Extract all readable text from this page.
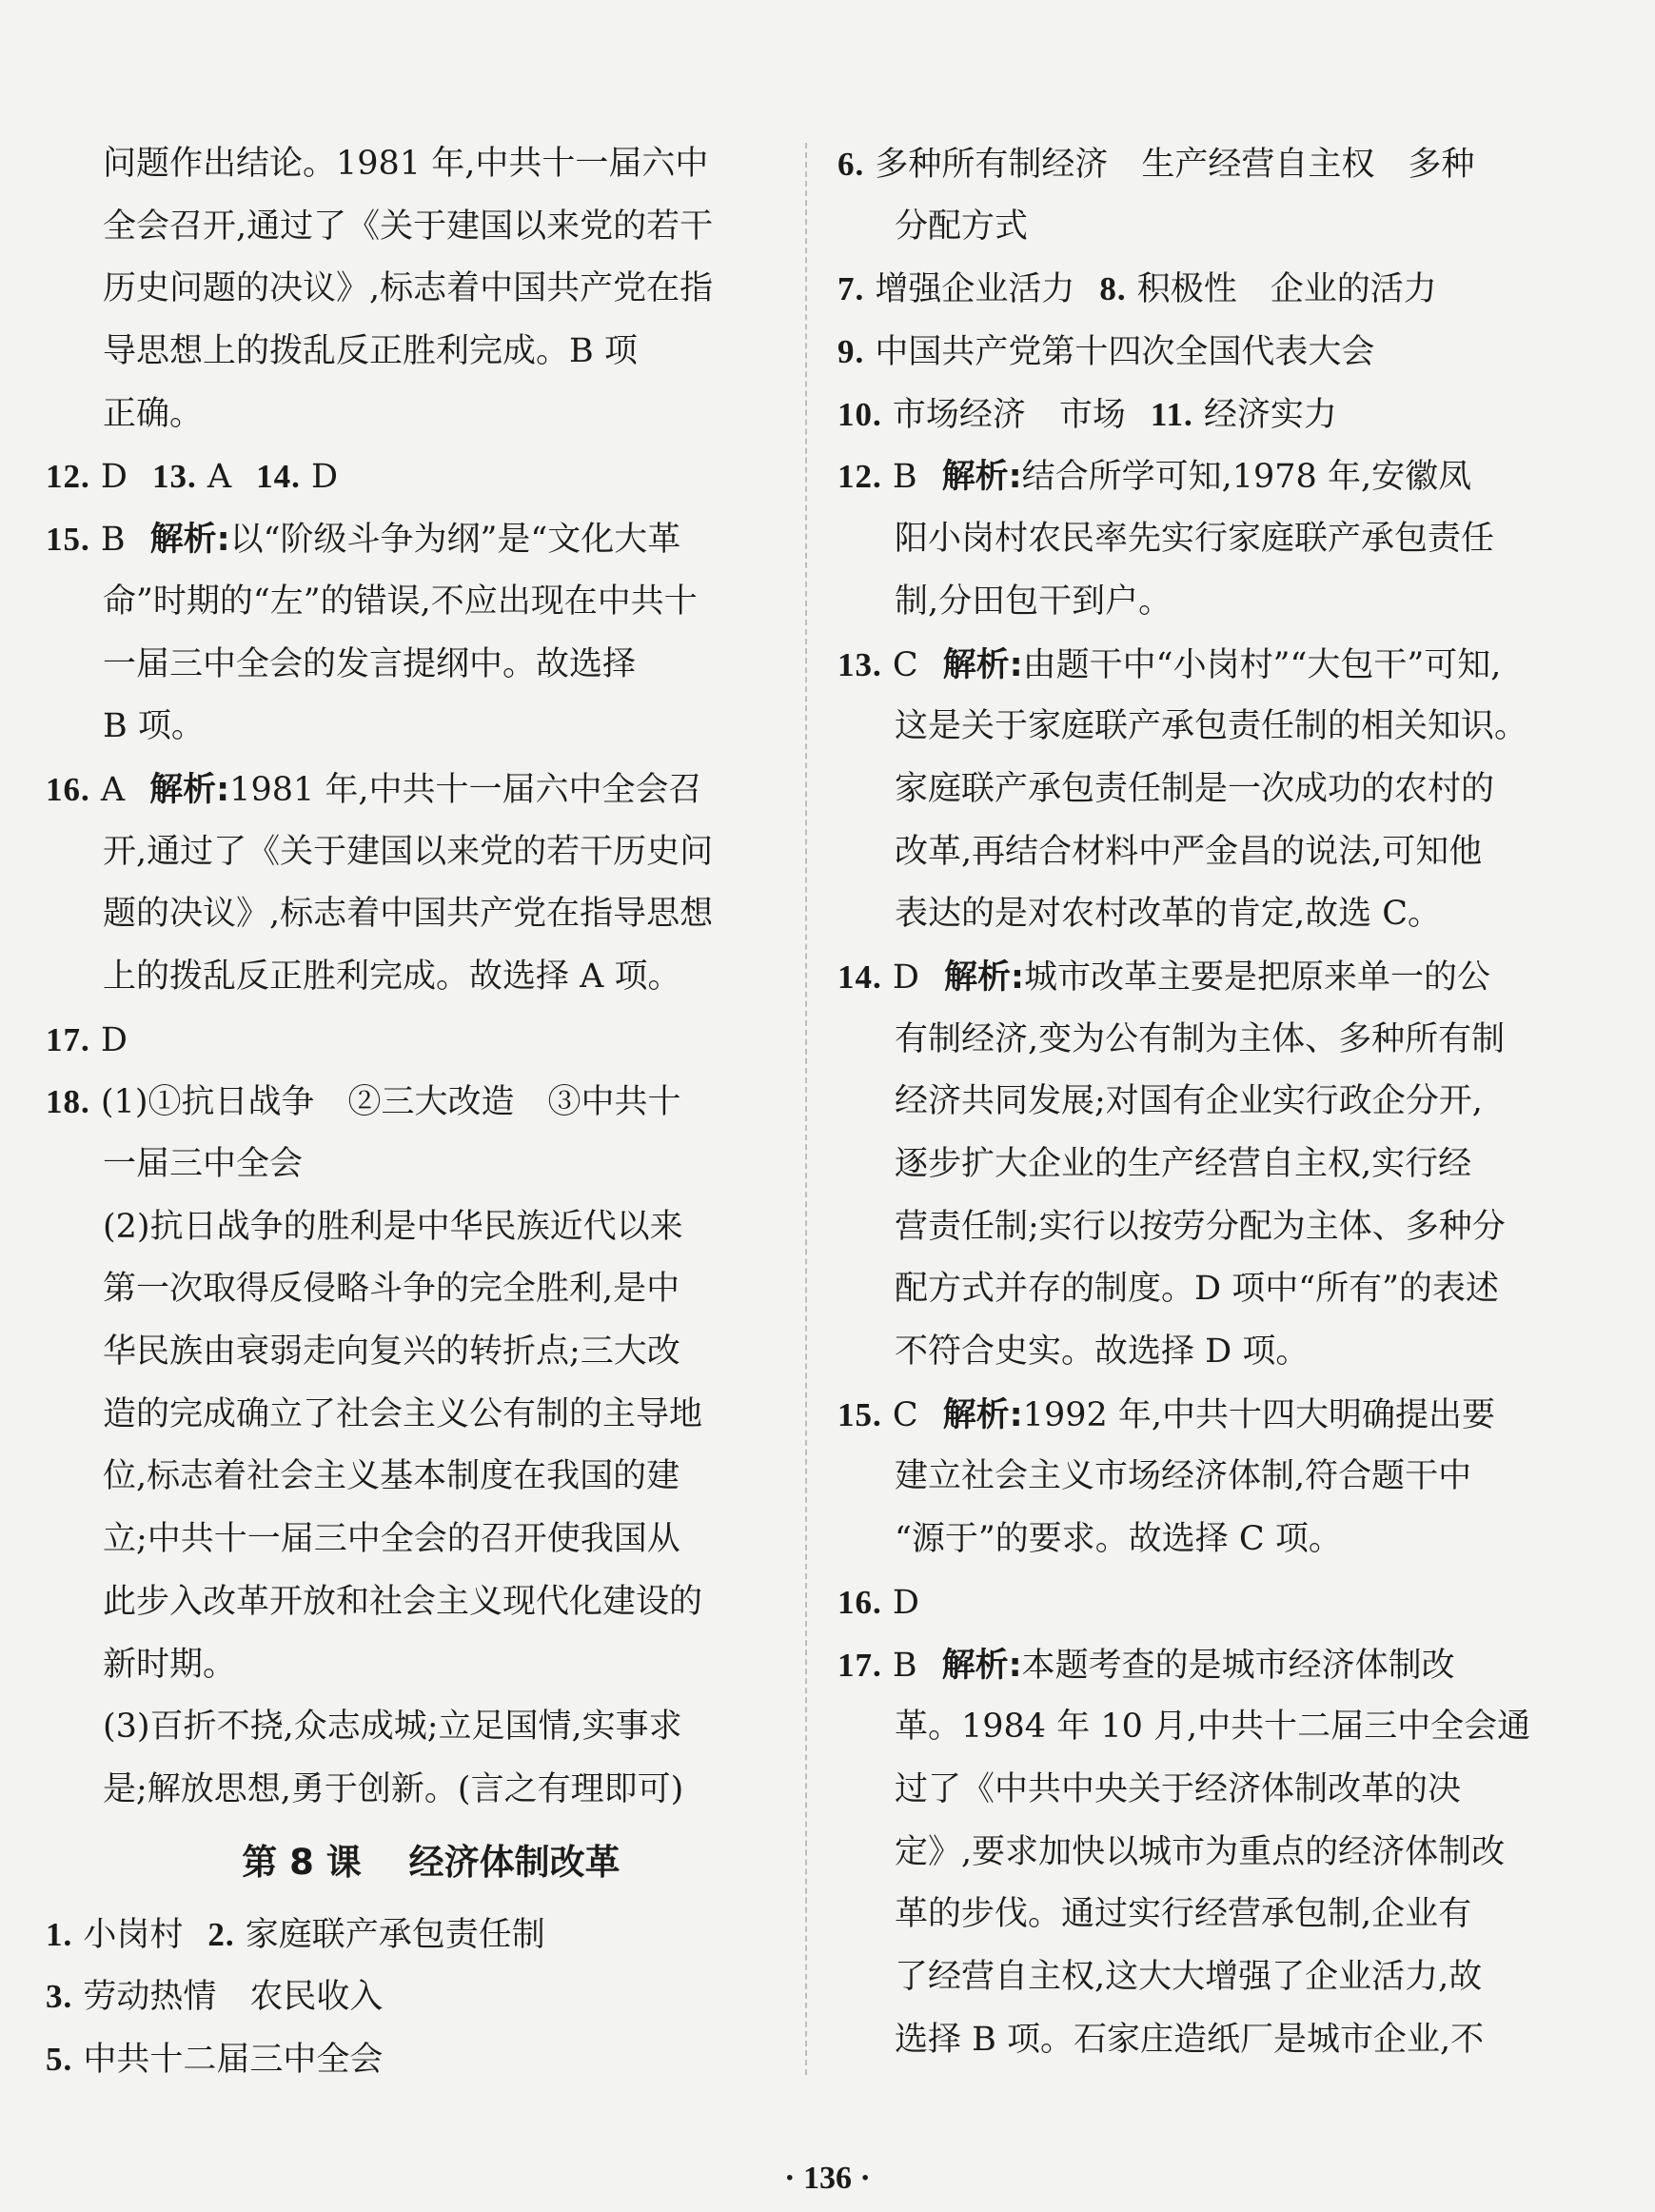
问题作出结论。1981 年,中共十一届六中
全会召开,通过了《关于建国以来党的若干
历史问题的决议》,标志着中国共产党在指
导思想上的拨乱反正胜利完成。B 项
正确。
12. D 13. A 14. D
15. B 解析:以“阶级斗争为纲”是“文化大革
命”时期的“左”的错误,不应出现在中共十
一届三中全会的发言提纲中。故选择
B 项。
16. A 解析:1981 年,中共十一届六中全会召
开,通过了《关于建国以来党的若干历史问
题的决议》,标志着中国共产党在指导思想
上的拨乱反正胜利完成。故选择 A 项。
17. D
18. (1)①抗日战争　②三大改造　③中共十
一届三中全会
(2)抗日战争的胜利是中华民族近代以来
第一次取得反侵略斗争的完全胜利,是中
华民族由衰弱走向复兴的转折点;三大改
造的完成确立了社会主义公有制的主导地
位,标志着社会主义基本制度在我国的建
立;中共十一届三中全会的召开使我国从
此步入改革开放和社会主义现代化建设的
新时期。
(3)百折不挠,众志成城;立足国情,实事求
是;解放思想,勇于创新。(言之有理即可)
第 8 课　 经济体制改革
1. 小岗村 2. 家庭联产承包责任制
3. 劳动热情　农民收入
5. 中共十二届三中全会
6. 多种所有制经济　生产经营自主权　多种
分配方式
7. 增强企业活力 8. 积极性　企业的活力
9. 中国共产党第十四次全国代表大会
10. 市场经济　市场 11. 经济实力
12. B 解析:结合所学可知,1978 年,安徽凤
阳小岗村农民率先实行家庭联产承包责任
制,分田包干到户。
13. C 解析:由题干中“小岗村”“大包干”可知,
这是关于家庭联产承包责任制的相关知识。
家庭联产承包责任制是一次成功的农村的
改革,再结合材料中严金昌的说法,可知他
表达的是对农村改革的肯定,故选 C。
14. D 解析:城市改革主要是把原来单一的公
有制经济,变为公有制为主体、多种所有制
经济共同发展;对国有企业实行政企分开,
逐步扩大企业的生产经营自主权,实行经
营责任制;实行以按劳分配为主体、多种分
配方式并存的制度。D 项中“所有”的表述
不符合史实。故选择 D 项。
15. C 解析:1992 年,中共十四大明确提出要
建立社会主义市场经济体制,符合题干中
“源于”的要求。故选择 C 项。
16. D
17. B 解析:本题考查的是城市经济体制改
革。1984 年 10 月,中共十二届三中全会通
过了《中共中央关于经济体制改革的决
定》,要求加快以城市为重点的经济体制改
革的步伐。通过实行经营承包制,企业有
了经营自主权,这大大增强了企业活力,故
选择 B 项。石家庄造纸厂是城市企业,不
· 136 ·
